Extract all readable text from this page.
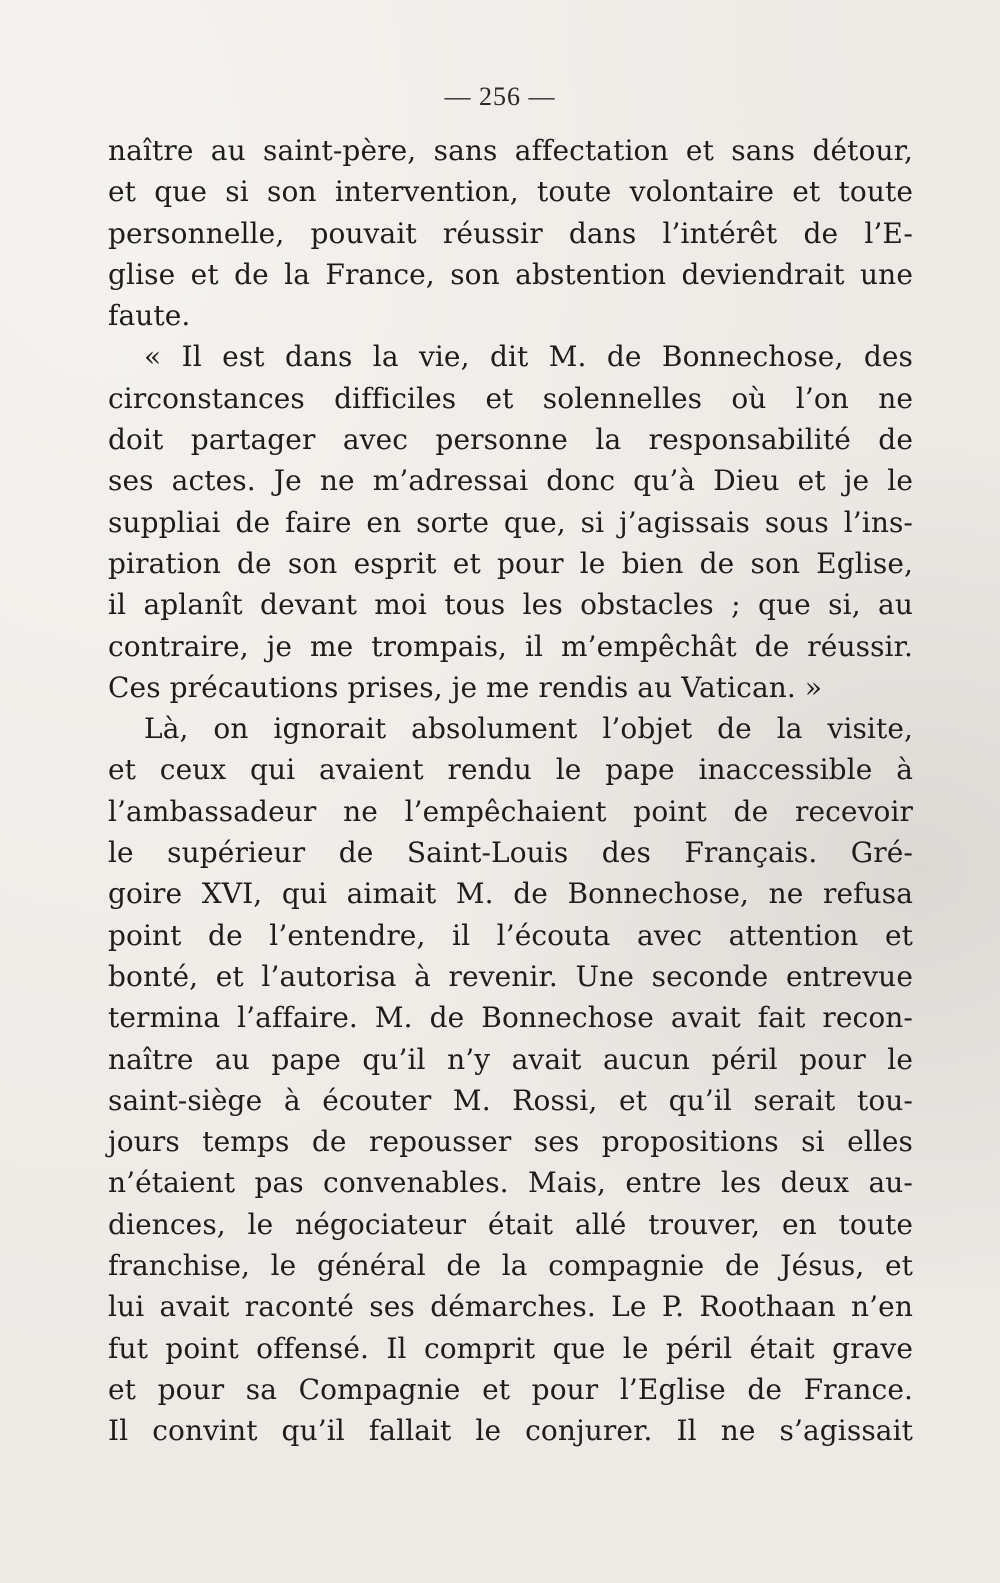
— 256 —
naître au saint-père, sans affectation et sans détour,
et que si son intervention, toute volontaire et toute
personnelle, pouvait réussir dans l’intérêt de l’E-
glise et de la France, son abstention deviendrait une
faute.
« Il est dans la vie, dit M. de Bonnechose, des
circonstances difficiles et solennelles où l’on ne
doit partager avec personne la responsabilité de
ses actes. Je ne m’adressai donc qu’à Dieu et je le
suppliai de faire en sorte que, si j’agissais sous l’ins-
piration de son esprit et pour le bien de son Eglise,
il aplanît devant moi tous les obstacles ; que si, au
contraire, je me trompais, il m’empêchât de réussir.
Ces précautions prises, je me rendis au Vatican. »
Là, on ignorait absolument l’objet de la visite,
et ceux qui avaient rendu le pape inaccessible à
l’ambassadeur ne l’empêchaient point de recevoir
le supérieur de Saint-Louis des Français. Gré-
goire XVI, qui aimait M. de Bonnechose, ne refusa
point de l’entendre, il l’écouta avec attention et
bonté, et l’autorisa à revenir. Une seconde entrevue
termina l’affaire. M. de Bonnechose avait fait recon-
naître au pape qu’il n’y avait aucun péril pour le
saint-siège à écouter M. Rossi, et qu’il serait tou-
jours temps de repousser ses propositions si elles
n’étaient pas convenables. Mais, entre les deux au-
diences, le négociateur était allé trouver, en toute
franchise, le général de la compagnie de Jésus, et
lui avait raconté ses démarches. Le P. Roothaan n’en
fut point offensé. Il comprit que le péril était grave
et pour sa Compagnie et pour l’Eglise de France.
Il convint qu’il fallait le conjurer. Il ne s’agissait
